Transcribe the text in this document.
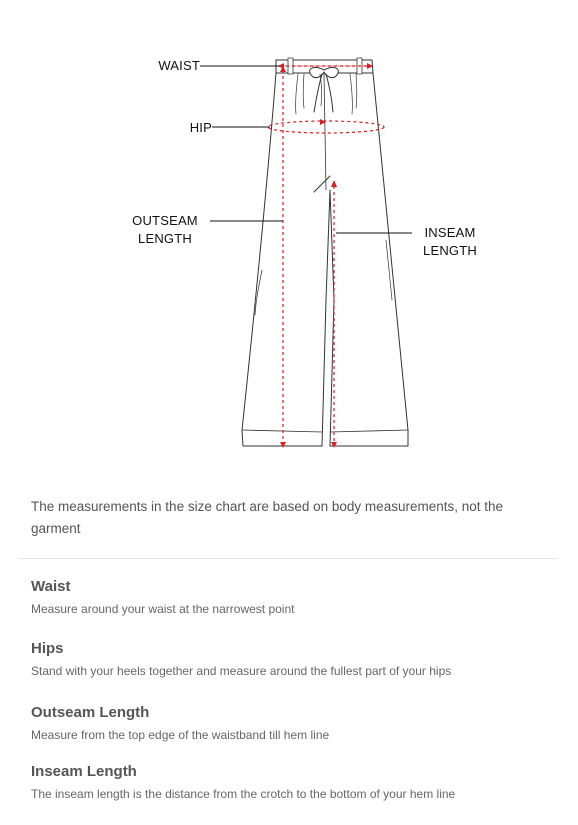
WAIST
HIP
OUTSEAM
LENGTH	INSEAM
LENGTH
The measurements in the size chart are based on body measurements, not the garment
Waist
Measure around your waist at the narrowest point
Hips
Stand with your heels together and measure around the fullest part of your hips
Outseam Length
Measure from the top edge of the waistband till hem line
Inseam Length
The inseam length is the distance from the crotch to the bottom of your hem line
